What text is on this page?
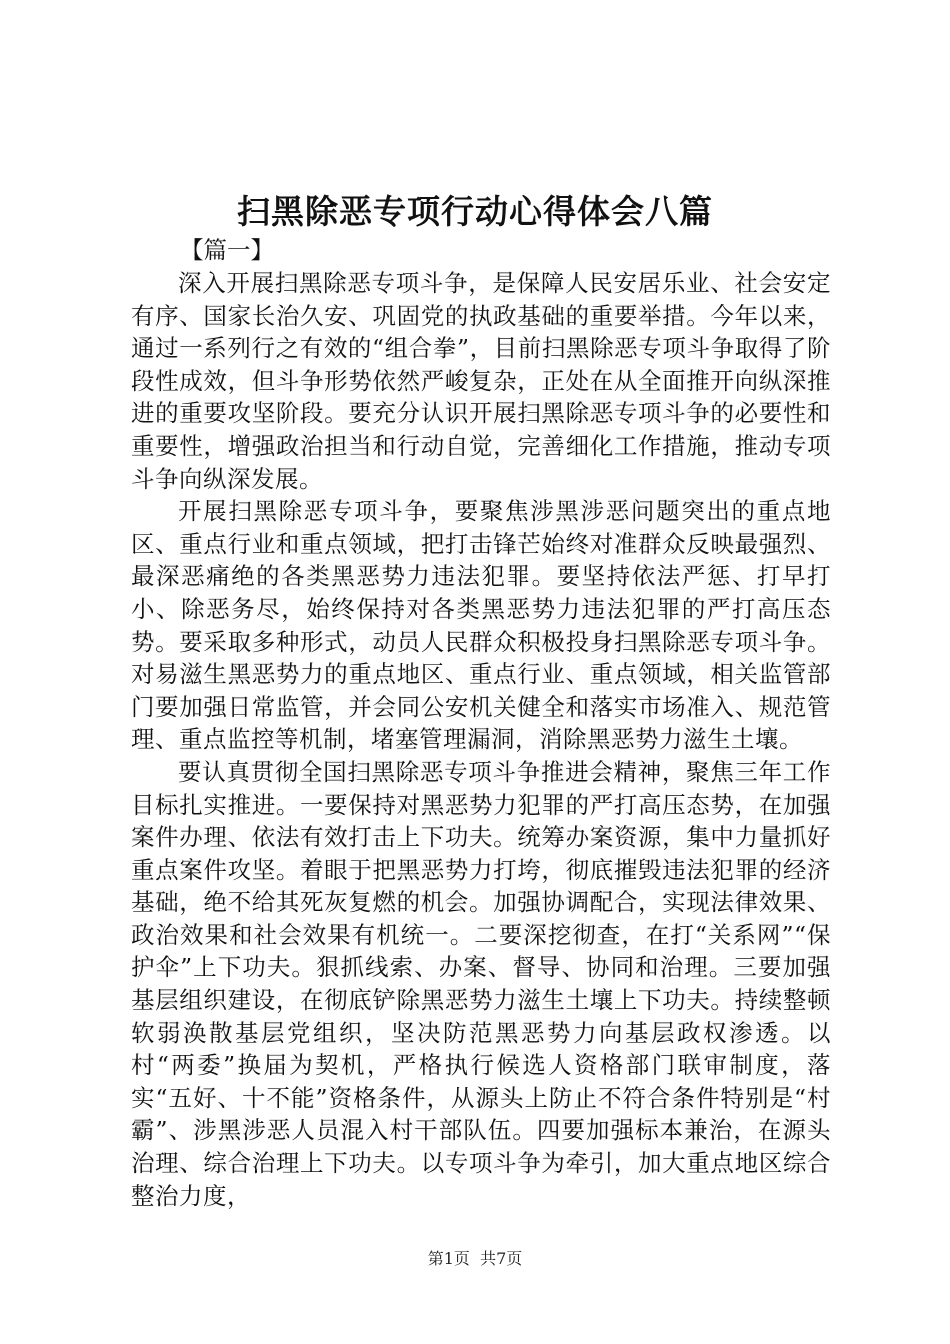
扫黑除恶专项行动心得体会八篇

【篇一】

深入开展扫黑除恶专项斗争，是保障人民安居乐业、社会安定有序、国家长治久安、巩固党的执政基础的重要举措。今年以来，通过一系列行之有效的“组合拳”，目前扫黑除恶专项斗争取得了阶段性成效，但斗争形势依然严峻复杂，正处在从全面推开向纵深推进的重要攻坚阶段。要充分认识开展扫黑除恶专项斗争的必要性和重要性，增强政治担当和行动自觉，完善细化工作措施，推动专项斗争向纵深发展。

开展扫黑除恶专项斗争，要聚焦涉黑涉恶问题突出的重点地区、重点行业和重点领域，把打击锋芒始终对准群众反映最强烈、最深恶痛绝的各类黑恶势力违法犯罪。要坚持依法严惩、打早打小、除恶务尽，始终保持对各类黑恶势力违法犯罪的严打高压态势。要采取多种形式，动员人民群众积极投身扫黑除恶专项斗争。对易滋生黑恶势力的重点地区、重点行业、重点领域，相关监管部门要加强日常监管，并会同公安机关健全和落实市场准入、规范管理、重点监控等机制，堵塞管理漏洞，消除黑恶势力滋生土壤。

要认真贯彻全国扫黑除恶专项斗争推进会精神，聚焦三年工作目标扎实推进。一要保持对黑恶势力犯罪的严打高压态势，在加强案件办理、依法有效打击上下功夫。统筹办案资源，集中力量抓好重点案件攻坚。着眼于把黑恶势力打垮，彻底摧毁违法犯罪的经济基础，绝不给其死灰复燃的机会。加强协调配合，实现法律效果、政治效果和社会效果有机统一。二要深挖彻查，在打“关系网”“保护伞”上下功夫。狠抓线索、办案、督导、协同和治理。三要加强基层组织建设，在彻底铲除黑恶势力滋生土壤上下功夫。持续整顿软弱涣散基层党组织，坚决防范黑恶势力向基层政权渗透。以村“两委”换届为契机，严格执行候选人资格部门联审制度，落实“五好、十不能”资格条件，从源头上防止不符合条件特别是“村霸”、涉黑涉恶人员混入村干部队伍。四要加强标本兼治，在源头治理、综合治理上下功夫。以专项斗争为牵引，加大重点地区综合整治力度，

第1页  共7页
